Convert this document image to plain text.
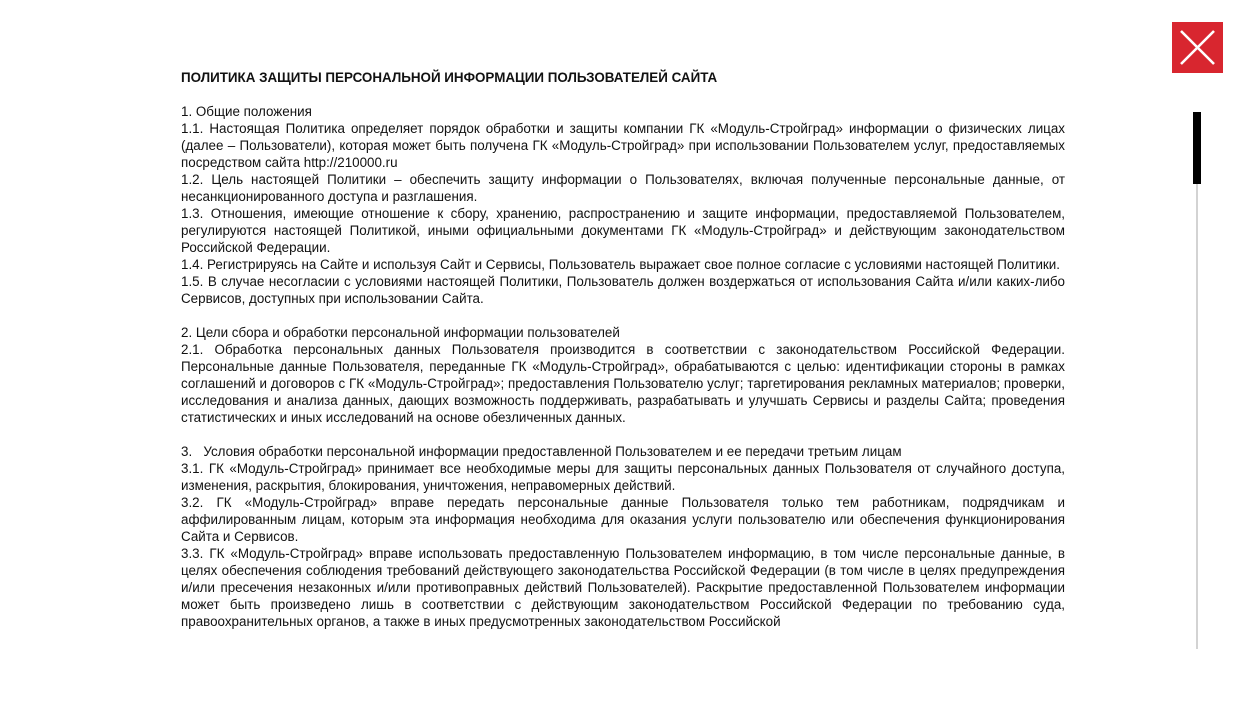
ПОЛИТИКА ЗАЩИТЫ ПЕРСОНАЛЬНОЙ ИНФОРМАЦИИ ПОЛЬЗОВАТЕЛЕЙ САЙТА

1. Общие положения

1.1. Настоящая Политика определяет порядок обработки и защиты компании ГК «Модуль-Стройград» информации о физических лицах (далее – Пользователи), которая может быть получена ГК «Модуль-Стройград» при использовании Пользователем услуг, предоставляемых посредством сайта http://210000.ru

1.2. Цель настоящей Политики – обеспечить защиту информации о Пользователях, включая полученные персональные данные, от несанкционированного доступа и разглашения.

1.3. Отношения, имеющие отношение к сбору, хранению, распространению и защите информации, предоставляемой Пользователем, регулируются настоящей Политикой, иными официальными документами ГК «Модуль-Стройград» и действующим законодательством Российской Федерации.

1.4. Регистрируясь на Сайте и используя Сайт и Сервисы, Пользователь выражает свое полное согласие с условиями настоящей Политики.

1.5. В случае несогласии с условиями настоящей Политики, Пользователь должен воздержаться от использования Сайта и/или каких-либо Сервисов, доступных при использовании Сайта.

2. Цели сбора и обработки персональной информации пользователей

2.1. Обработка персональных данных Пользователя производится в соответствии с законодательством Российской Федерации. Персональные данные Пользователя, переданные ГК «Модуль-Стройград», обрабатываются с целью: идентификации стороны в рамках соглашений и договоров с ГК «Модуль-Стройград»; предоставления Пользователю услуг; таргетирования рекламных материалов; проверки, исследования и анализа данных, дающих возможность поддерживать, разрабатывать и улучшать Сервисы и разделы Сайта; проведения статистических и иных исследований на основе обезличенных данных.

3.   Условия обработки персональной информации предоставленной Пользователем и ее передачи третьим лицам

3.1. ГК «Модуль-Стройград» принимает все необходимые меры для защиты персональных данных Пользователя от случайного доступа, изменения, раскрытия, блокирования, уничтожения, неправомерных действий.

3.2. ГК «Модуль-Стройград» вправе передать персональные данные Пользователя только тем работникам, подрядчикам и аффилированным лицам, которым эта информация необходима для оказания услуги пользователю или обеспечения функционирования Сайта и Сервисов.

3.3. ГК «Модуль-Стройград» вправе использовать предоставленную Пользователем информацию, в том числе персональные данные, в целях обеспечения соблюдения требований действующего законодательства Российской Федерации (в том числе в целях предупреждения и/или пресечения незаконных и/или противоправных действий Пользователей). Раскрытие предоставленной Пользователем информации может быть произведено лишь в соответствии с действующим законодательством Российской Федерации по требованию суда, правоохранительных органов, а также в иных предусмотренных законодательством Российской
